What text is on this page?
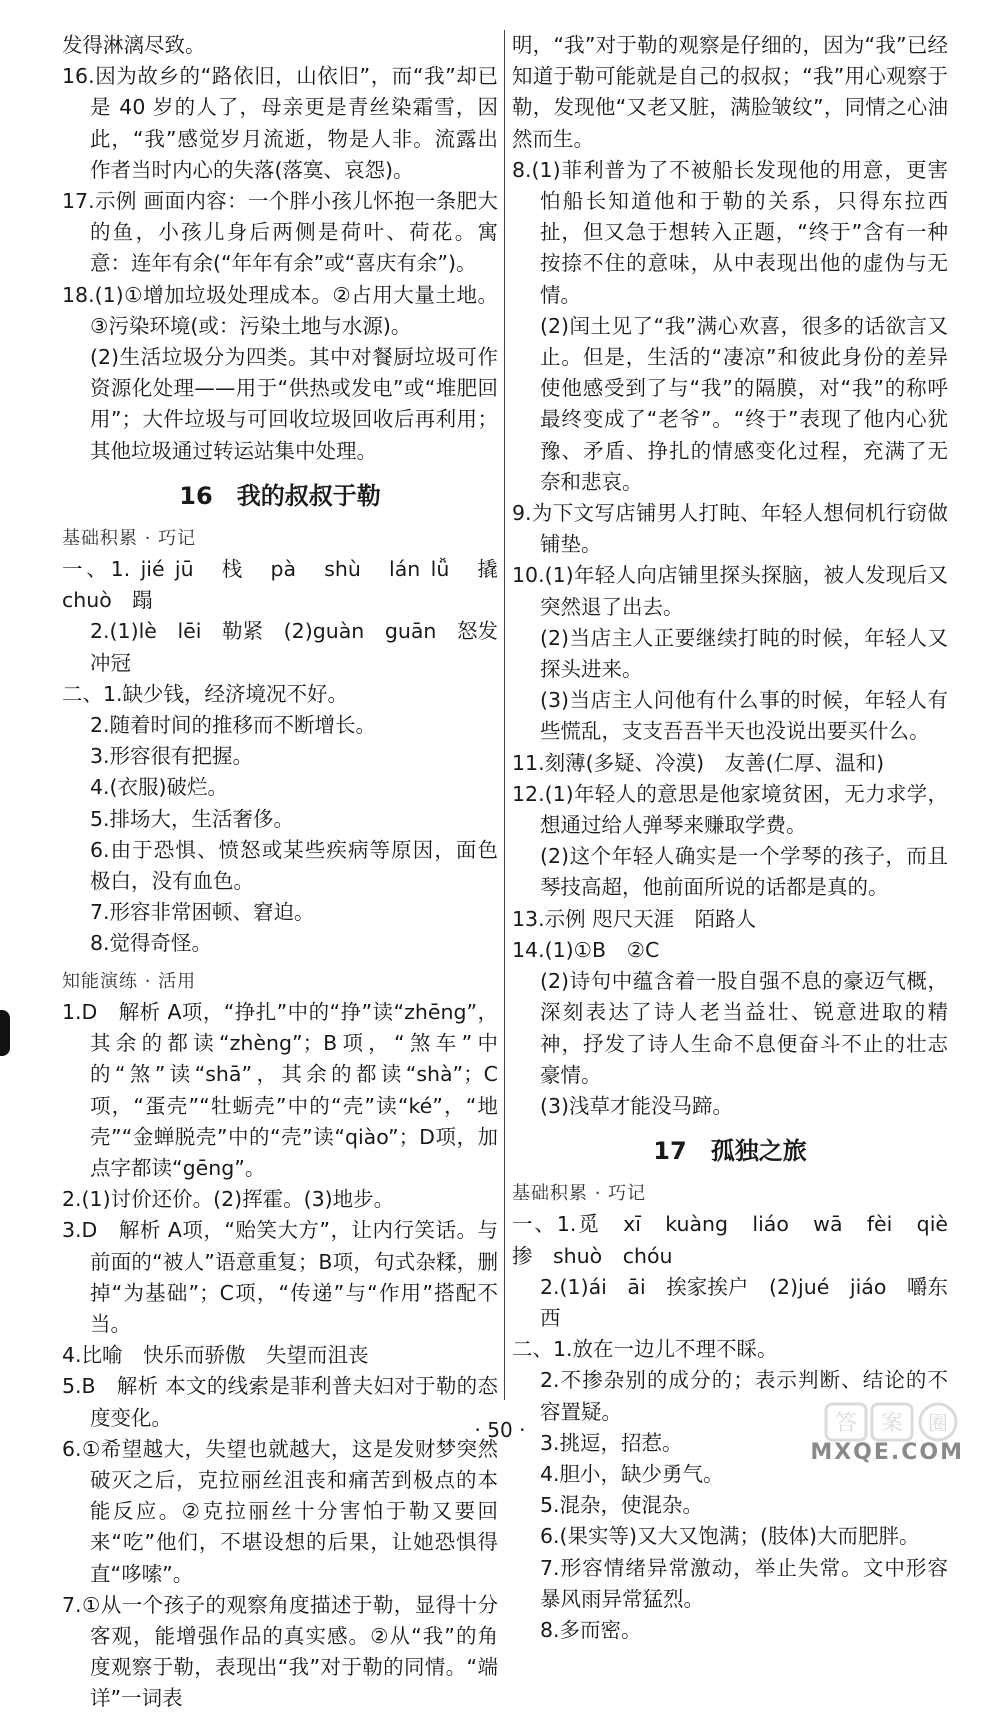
发得淋漓尽致。

16.因为故乡的“路依旧，山依旧”，而“我”却已是 40 岁的人了，母亲更是青丝染霜雪，因此，“我”感觉岁月流逝，物是人非。流露出作者当时内心的失落(落寞、哀怨)。

17.示例 画面内容：一个胖小孩儿怀抱一条肥大的鱼，小孩儿身后两侧是荷叶、荷花。寓意：连年有余(“年年有余”或“喜庆有余”)。

18.(1)①增加垃圾处理成本。②占用大量土地。③污染环境(或：污染土地与水源)。

(2)生活垃圾分为四类。其中对餐厨垃圾可作资源化处理——用于“供热或发电”或“堆肥回用”；大件垃圾与可回收垃圾回收后再利用；其他垃圾通过转运站集中处理。

16　我的叔叔于勒
基础积累 · 巧记

一、1. jié jū　栈　pà　shù　lán lǚ　撬　chuò　蹋

2.(1)lè　lēi　勒紧　(2)guàn　guān　怒发冲冠

二、1.缺少钱，经济境况不好。

2.随着时间的推移而不断增长。

3.形容很有把握。

4.(衣服)破烂。

5.排场大，生活奢侈。

6.由于恐惧、愤怒或某些疾病等原因，面色极白，没有血色。

7.形容非常困顿、窘迫。

8.觉得奇怪。

知能演练 · 活用

1.D　解析 A项，“挣扎”中的“挣”读“zhēng”，其余的都读“zhèng”；B项，“煞车”中的“煞”读“shā”，其余的都读“shà”；C项，“蛋壳”“牡蛎壳”中的“壳”读“ké”，“地壳”“金蝉脱壳”中的“壳”读“qiào”；D项，加点字都读“gēng”。

2.(1)讨价还价。(2)挥霍。(3)地步。

3.D　解析 A项，“贻笑大方”，让内行笑话。与前面的“被人”语意重复；B项，句式杂糅，删掉“为基础”；C项，“传递”与“作用”搭配不当。

4.比喻　快乐而骄傲　失望而沮丧

5.B　解析 本文的线索是菲利普夫妇对于勒的态度变化。

6.①希望越大，失望也就越大，这是发财梦突然破灭之后，克拉丽丝沮丧和痛苦到极点的本能反应。②克拉丽丝十分害怕于勒又要回来“吃”他们，不堪设想的后果，让她恐惧得直“哆嗦”。

7.①从一个孩子的观察角度描述于勒，显得十分客观，能增强作品的真实感。②从“我”的角度观察于勒，表现出“我”对于勒的同情。“端详”一词表

明，“我”对于勒的观察是仔细的，因为“我”已经知道于勒可能就是自己的叔叔；“我”用心观察于勒，发现他“又老又脏，满脸皱纹”，同情之心油然而生。

8.(1)菲利普为了不被船长发现他的用意，更害怕船长知道他和于勒的关系，只得东拉西扯，但又急于想转入正题，“终于”含有一种按捺不住的意味，从中表现出他的虚伪与无情。

(2)闰土见了“我”满心欢喜，很多的话欲言又止。但是，生活的“凄凉”和彼此身份的差异使他感受到了与“我”的隔膜，对“我”的称呼最终变成了“老爷”。“终于”表现了他内心犹豫、矛盾、挣扎的情感变化过程，充满了无奈和悲哀。

9.为下文写店铺男人打盹、年轻人想伺机行窃做铺垫。

10.(1)年轻人向店铺里探头探脑，被人发现后又突然退了出去。

(2)当店主人正要继续打盹的时候，年轻人又探头进来。

(3)当店主人问他有什么事的时候，年轻人有些慌乱，支支吾吾半天也没说出要买什么。

11.刻薄(多疑、冷漠)　友善(仁厚、温和)

12.(1)年轻人的意思是他家境贫困，无力求学，想通过给人弹琴来赚取学费。

(2)这个年轻人确实是一个学琴的孩子，而且琴技高超，他前面所说的话都是真的。

13.示例 咫尺天涯　陌路人

14.(1)①B　②C

(2)诗句中蕴含着一股自强不息的豪迈气概，深刻表达了诗人老当益壮、锐意进取的精神，抒发了诗人生命不息便奋斗不止的壮志豪情。

(3)浅草才能没马蹄。

17　孤独之旅
基础积累 · 巧记

一、1.觅　xī　kuàng　liáo　wā　fèi　qiè　掺　shuò　chóu

2.(1)ái　āi　挨家挨户　(2)jué　jiáo　嚼东西

二、1.放在一边儿不理不睬。

2.不掺杂别的成分的；表示判断、结论的不容置疑。

3.挑逗，招惹。

4.胆小，缺少勇气。

5.混杂，使混杂。

6.(果实等)又大又饱满；(肢体)大而肥胖。

7.形容情绪异常激动，举止失常。文中形容暴风雨异常猛烈。

8.多而密。

· 50 ·	答 案 圈
MXQE.COM
